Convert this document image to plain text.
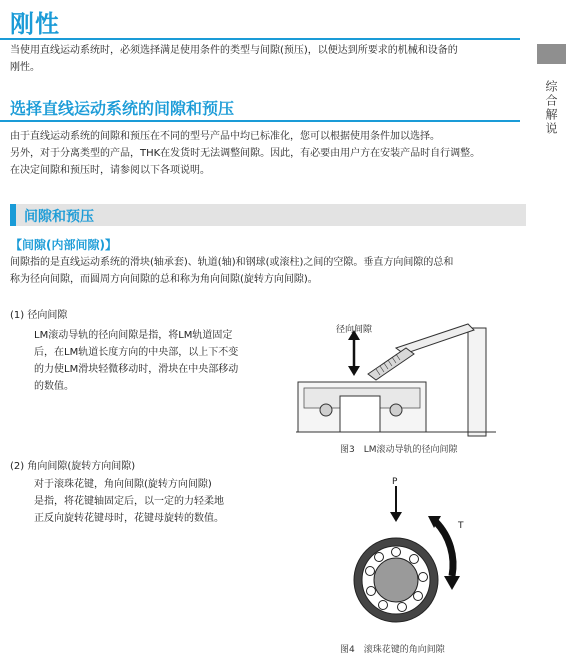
刚性
当使用直线运动系统时，必须选择满足使用条件的类型与间隙(预压)，以便达到所要求的机械和设备的
刚性。
综合解说
选择直线运动系统的间隙和预压
由于直线运动系统的间隙和预压在不同的型号产品中均已标准化，您可以根据使用条件加以选择。
另外，对于分离类型的产品，THK在发货时无法调整间隙。因此，有必要由用户方在安装产品时自行调整。
在决定间隙和预压时，请参阅以下各项说明。
间隙和预压
【间隙(内部间隙)】
间隙指的是直线运动系统的滑块(轴承套)、轨道(轴)和钢球(或滚柱)之间的空隙。垂直方向间隙的总和
称为径向间隙，而圆周方向间隙的总和称为角向间隙(旋转方向间隙)。
(1) 径向间隙
LM滚动导轨的径向间隙是指，将LM轨道固定
后，在LM轨道长度方向的中央部，以上下不变
的力使LM滑块轻微移动时，滑块在中央部移动
的数值。
径向间隙
图3　LM滚动导轨的径向间隙
(2) 角向间隙(旋转方向间隙)
对于滚珠花键，角向间隙(旋转方向间隙)
是指，将花键轴固定后，以一定的力轻柔地
正反向旋转花键母时，花键母旋转的数值。
P
T
图4　滚珠花键的角向间隙
